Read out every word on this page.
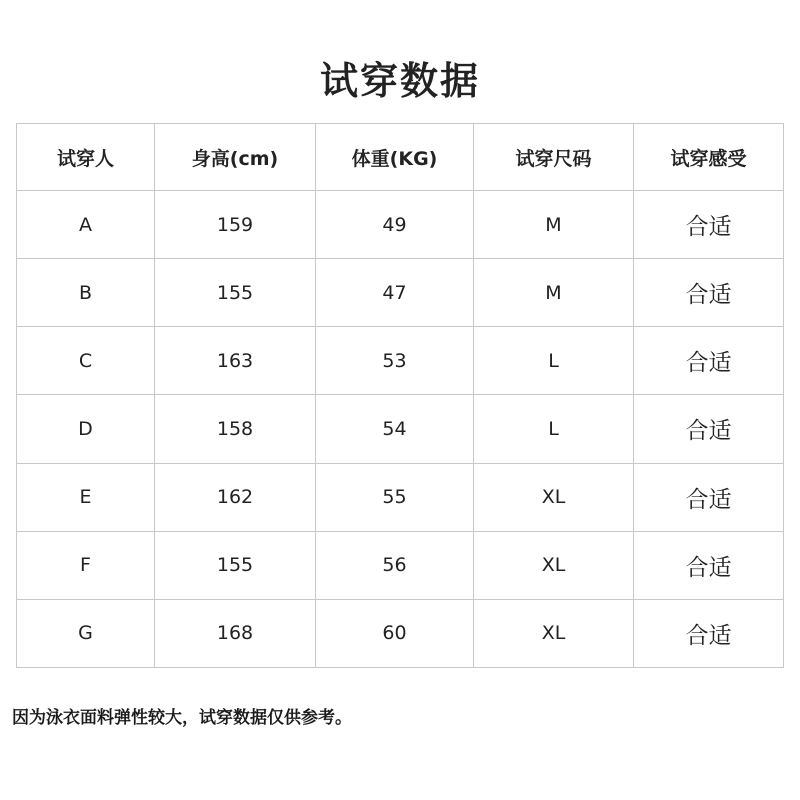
试穿数据
试穿人	身高(cm)	体重(KG)	试穿尺码	试穿感受
A	159	49	M	合适
B	155	47	M	合适
C	163	53	L	合适
D	158	54	L	合适
E	162	55	XL	合适
F	155	56	XL	合适
G	168	60	XL	合适
因为泳衣面料弹性较大，试穿数据仅供参考。
